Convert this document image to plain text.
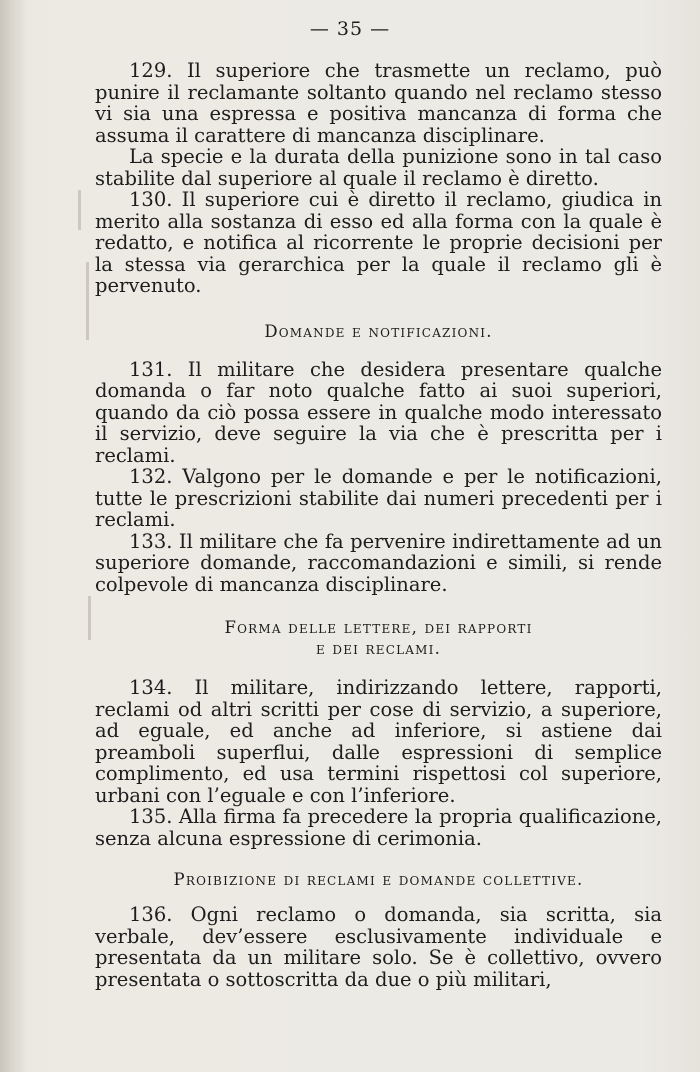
— 35 —

129. Il superiore che trasmette un reclamo, può punire il reclamante soltanto quando nel reclamo stesso vi sia una espressa e positiva mancanza di forma che assuma il carattere di mancanza disciplinare.

La specie e la durata della punizione sono in tal caso stabilite dal superiore al quale il reclamo è diretto.

130. Il superiore cui è diretto il reclamo, giudica in merito alla sostanza di esso ed alla forma con la quale è redatto, e notifica al ricorrente le proprie decisioni per la stessa via gerarchica per la quale il reclamo gli è pervenuto.

Domande e notificazioni.

131. Il militare che desidera presentare qualche domanda o far noto qualche fatto ai suoi superiori, quando da ciò possa essere in qualche modo interessato il servizio, deve seguire la via che è prescritta per i reclami.

132. Valgono per le domande e per le notificazioni, tutte le prescrizioni stabilite dai numeri precedenti per i reclami.

133. Il militare che fa pervenire indirettamente ad un superiore domande, raccomandazioni e simili, si rende colpevole di mancanza disciplinare.

Forma delle lettere, dei rapporti
e dei reclami.

134. Il militare, indirizzando lettere, rapporti, reclami od altri scritti per cose di servizio, a superiore, ad eguale, ed anche ad inferiore, si astiene dai preamboli superflui, dalle espressioni di semplice complimento, ed usa termini rispettosi col superiore, urbani con l’eguale e con l’inferiore.

135. Alla firma fa precedere la propria qualificazione, senza alcuna espressione di cerimonia.

Proibizione di reclami e domande collettive.

136. Ogni reclamo o domanda, sia scritta, sia verbale, dev’essere esclusivamente individuale e presentata da un militare solo. Se è collettivo, ovvero presentata o sottoscritta da due o più militari,
